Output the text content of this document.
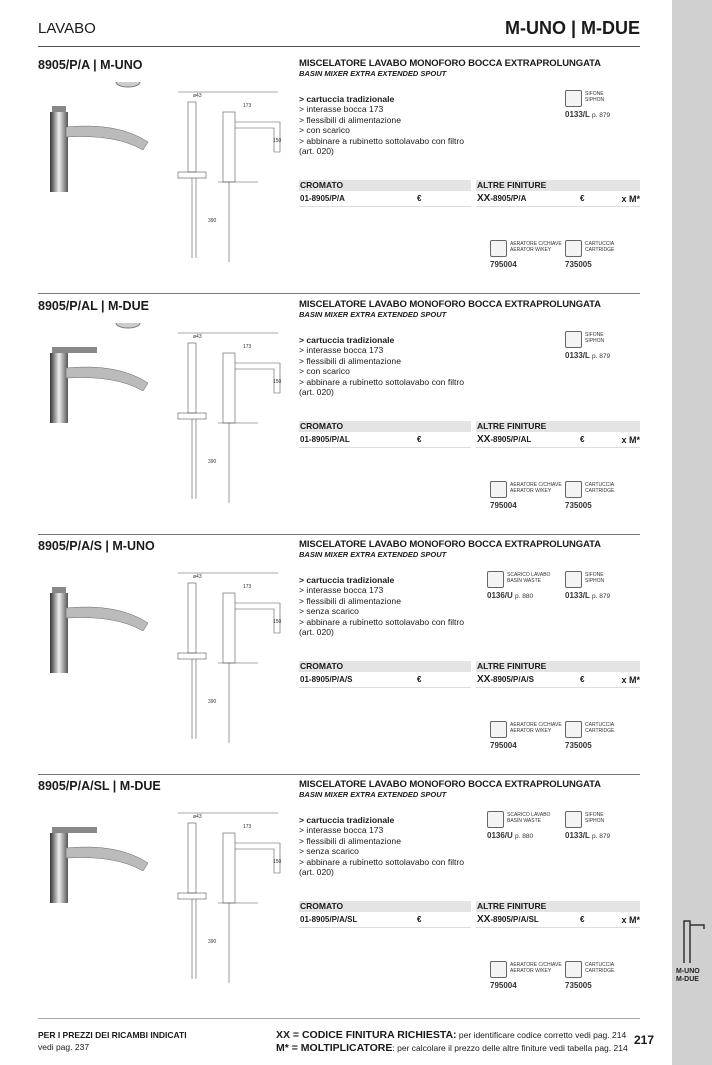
M-UNO
M-DUE
LAVABO	M-UNO | M-DUE
8905/P/A | M-UNO
ø43
173
390
150
MISCELATORE LAVABO MONOFORO BOCCA EXTRAPROLUNGATA
BASIN MIXER EXTRA EXTENDED SPOUT
> cartuccia tradizionale
> interasse bocca 173
> flessibili di alimentazione
> con scarico
> abbinare a rubinetto sottolavabo con filtro
(art. 020)
CROMATO
01-8905/P/A	€
ALTRE FINITURE
XX -8905/P/A	€	x M*
SIFONE
SIPHON
0133/L p. 879
AERATORE C/CHIAVE
AERATOR W/KEY
795004
CARTUCCIA
CARTRIDGE
735005
8905/P/AL | M-DUE
ø43
173
390
150
MISCELATORE LAVABO MONOFORO BOCCA EXTRAPROLUNGATA
BASIN MIXER EXTRA EXTENDED SPOUT
> cartuccia tradizionale
> interasse bocca 173
> flessibili di alimentazione
> con scarico
> abbinare a rubinetto sottolavabo con filtro
(art. 020)
CROMATO
01-8905/P/AL	€
ALTRE FINITURE
XX -8905/P/AL	€	x M*
SIFONE
SIPHON
0133/L p. 879
AERATORE C/CHIAVE
AERATOR W/KEY
795004
CARTUCCIA
CARTRIDGE
735005
8905/P/A/S | M-UNO
ø43
173
390
150
MISCELATORE LAVABO MONOFORO BOCCA EXTRAPROLUNGATA
BASIN MIXER EXTRA EXTENDED SPOUT
> cartuccia tradizionale
> interasse bocca 173
> flessibili di alimentazione
> senza scarico
> abbinare a rubinetto sottolavabo con filtro
(art. 020)
CROMATO
01-8905/P/A/S	€
ALTRE FINITURE
XX -8905/P/A/S	€	x M*
SCARICO LAVABO
BASIN WASTE
0136/U p. 880
SIFONE
SIPHON
0133/L p. 879
AERATORE C/CHIAVE
AERATOR W/KEY
795004
CARTUCCIA
CARTRIDGE
735005
8905/P/A/SL | M-DUE
ø43
173
390
150
MISCELATORE LAVABO MONOFORO BOCCA EXTRAPROLUNGATA
BASIN MIXER EXTRA EXTENDED SPOUT
> cartuccia tradizionale
> interasse bocca 173
> flessibili di alimentazione
> senza scarico
> abbinare a rubinetto sottolavabo con filtro
(art. 020)
CROMATO
01-8905/P/A/SL	€
ALTRE FINITURE
XX -8905/P/A/SL	€	x M*
SCARICO LAVABO
BASIN WASTE
0136/U p. 880
SIFONE
SIPHON
0133/L p. 879
AERATORE C/CHIAVE
AERATOR W/KEY
795004
CARTUCCIA
CARTRIDGE
735005
PER I PREZZI DEI RICAMBI INDICATI
vedi pag. 237
XX = CODICE FINITURA RICHIESTA: per identificare codice corretto vedi pag. 214
M* = MOLTIPLICATORE: per calcolare il prezzo delle altre finiture vedi tabella pag. 214
217
